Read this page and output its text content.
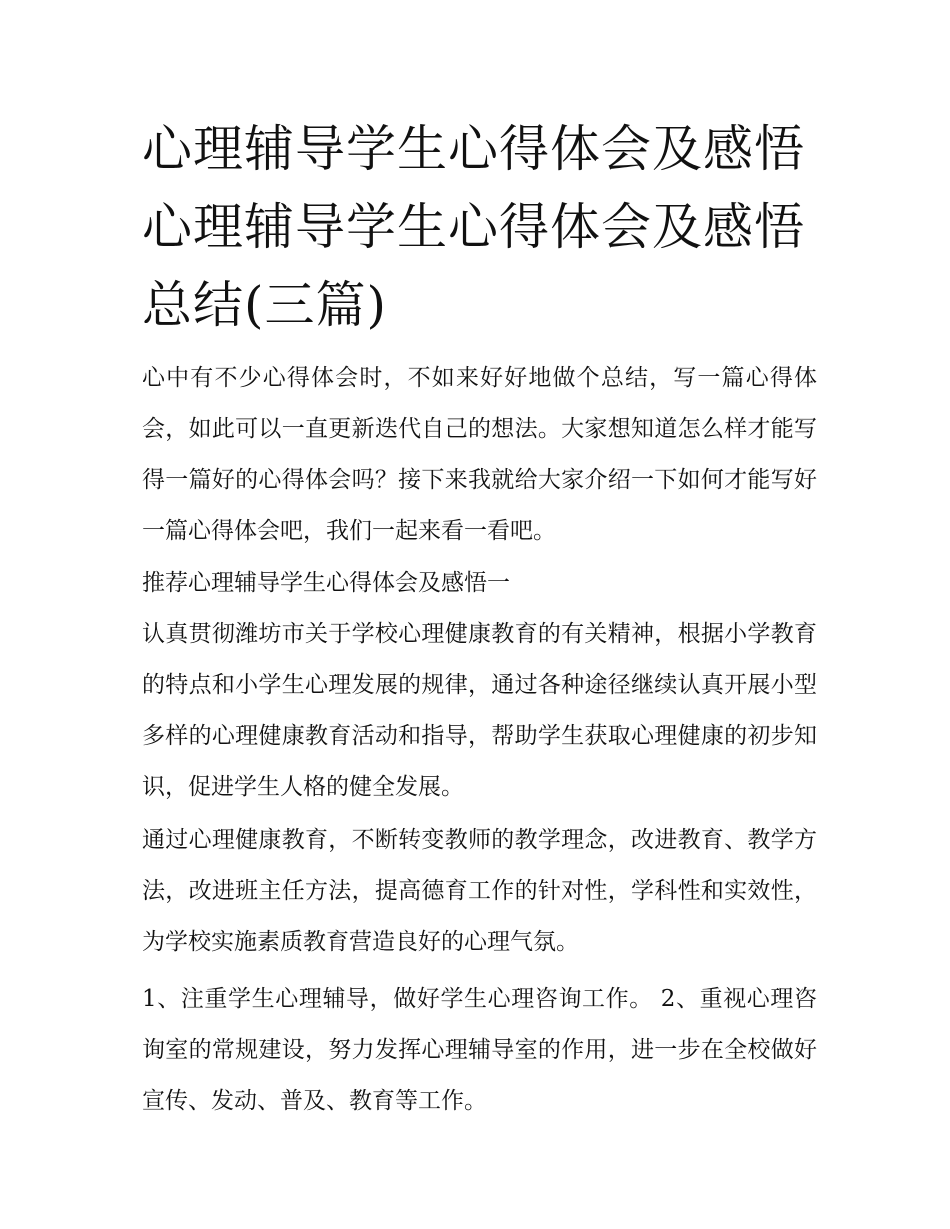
心理辅导学生心得体会及感悟
心理辅导学生心得体会及感悟
总结(三篇)

心中有不少心得体会时，不如来好好地做个总结，写一篇心得体会，如此可以一直更新迭代自己的想法。大家想知道怎么样才能写得一篇好的心得体会吗？接下来我就给大家介绍一下如何才能写好一篇心得体会吧，我们一起来看一看吧。

推荐心理辅导学生心得体会及感悟一

认真贯彻潍坊市关于学校心理健康教育的有关精神，根据小学教育的特点和小学生心理发展的规律，通过各种途径继续认真开展小型多样的心理健康教育活动和指导，帮助学生获取心理健康的初步知识，促进学生人格的健全发展。

通过心理健康教育，不断转变教师的教学理念，改进教育、教学方法，改进班主任方法，提高德育工作的针对性，学科性和实效性，为学校实施素质教育营造良好的心理气氛。

1、注重学生心理辅导，做好学生心理咨询工作。 2、重视心理咨询室的常规建设，努力发挥心理辅导室的作用，进一步在全校做好宣传、发动、普及、教育等工作。
